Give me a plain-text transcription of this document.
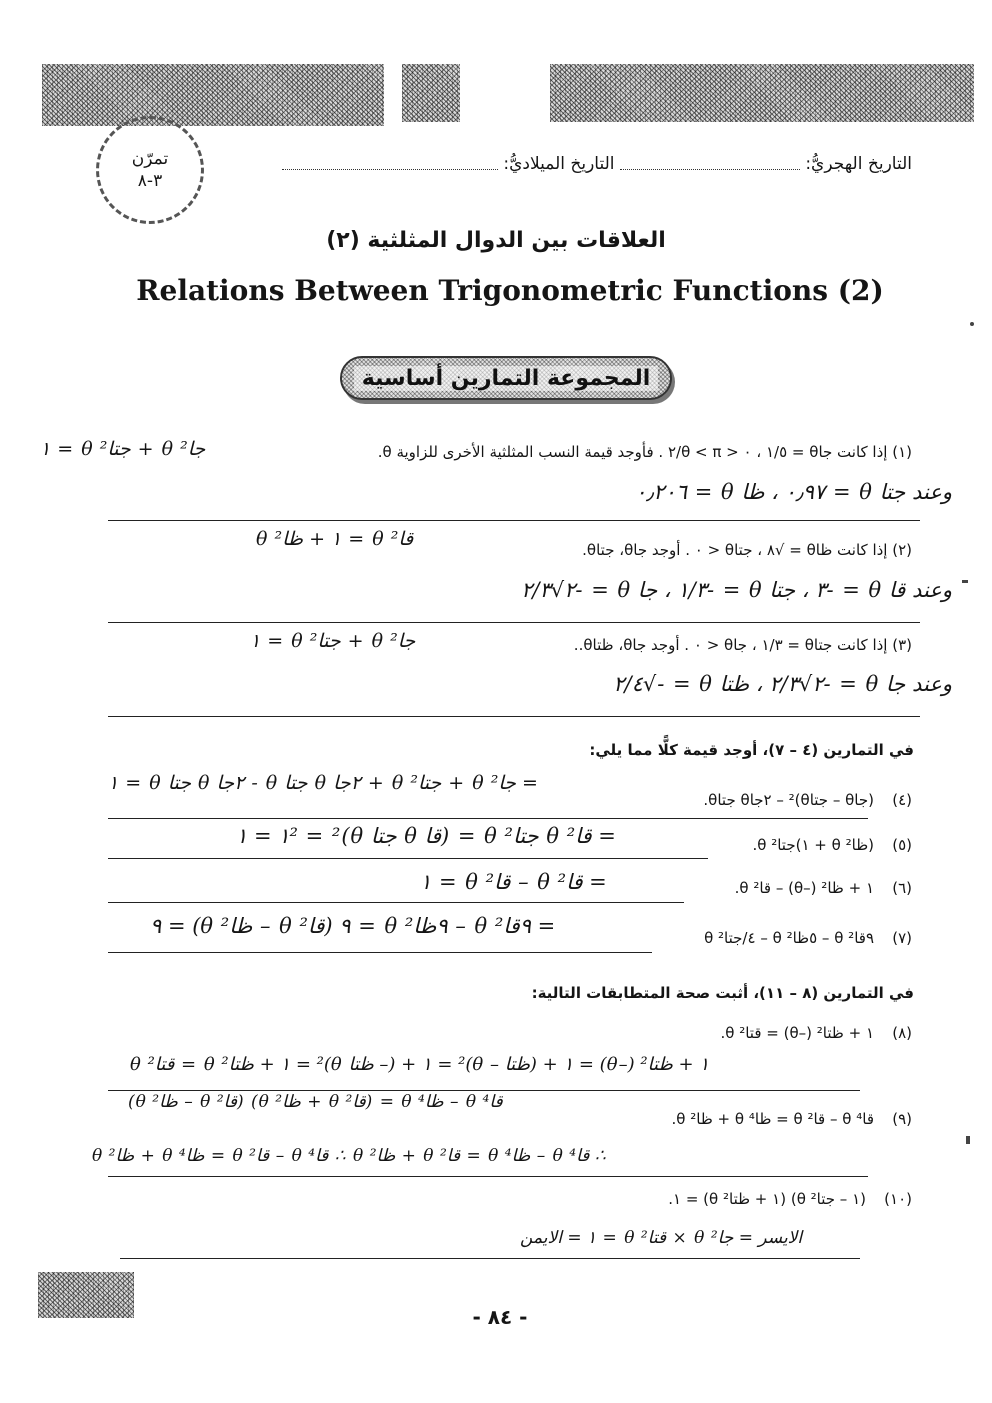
تمرّن
٣-٨
التاريخ الهجريُّ:  التاريخ الميلاديُّ:
العلاقات بين الدوال المثلثية (٢)
Relations Between Trigonometric Functions (2)
المجموعة التمارين أساسية
(١) إذا كانت جاθ = ١/٥ ، ٠ < θ < π/٢ . فأوجد قيمة النسب المثلثية الأخرى للزاوية θ.
جا² θ + جتا² θ = ١
وعند جتا θ = ٠٫٩٧ ، ظا θ = ٠٫٢٠٦
(٢) إذا كانت ظاθ = √٨ ، جتاθ < ٠ . أوجد جاθ، جتاθ.
قا² θ = ١ + ظا² θ
وعند قا θ = -٣ ، جتا θ = -١/٣ ، جا θ = -٢√٢/٣
(٣) إذا كانت جتاθ = ١/٣ ، جاθ < ٠ . أوجد جاθ، ظتاθ..
جا² θ + جتا² θ = ١
وعند جا θ = -٢√٢/٣ ، ظتا θ = -√٢/٤
في التمارين (٤ – ٧)، أوجد قيمة كلًّا مما يلي:
(٤)
(جاθ – جتاθ)² – ٢جاθ جتاθ.
= جا² θ + جتا² θ + ٢جا θ جتا θ - ٢جا θ جتا θ = ١
(٥)
(ظا² θ + ١)جتا² θ.
= قا² θ جتا² θ = (قا θ جتا θ)² = ١² = ١
(٦)
١ + ظا² (–θ) – قا² θ.
= قا² θ – قا² θ = ١
(٧)
٩قا² θ – ٥ظا² θ – ٤/جتا² θ
= ٩قا² θ – ٩ظا² θ = ٩ (قا² θ – ظا² θ) = ٩
في التمارين (٨ – ١١)، أثبت صحة المتطابقات التالية:
(٨)
١ + ظتا² (–θ) = قتا² θ.
١ + ظتا² (–θ) = ١ + (ظتا – θ)² = ١ + (– ظتا θ)² = ١ + ظتا² θ = قتا² θ
قا⁴ θ – ظا⁴ θ = (قا² θ + ظا² θ) (قا² θ – ظا² θ)
(٩)
قا⁴ θ – قا² θ = ظا⁴ θ + ظا² θ.
∴ قا⁴ θ – ظا⁴ θ = قا² θ + ظا² θ ∴ قا⁴ θ – قا² θ = ظا⁴ θ + ظا² θ
(١٠)
(١ – جتا² θ) (١ + ظتا² θ) = ١.
الايسر = جا² θ × قتا² θ = ١ = الايمن
- ٨٤ -
